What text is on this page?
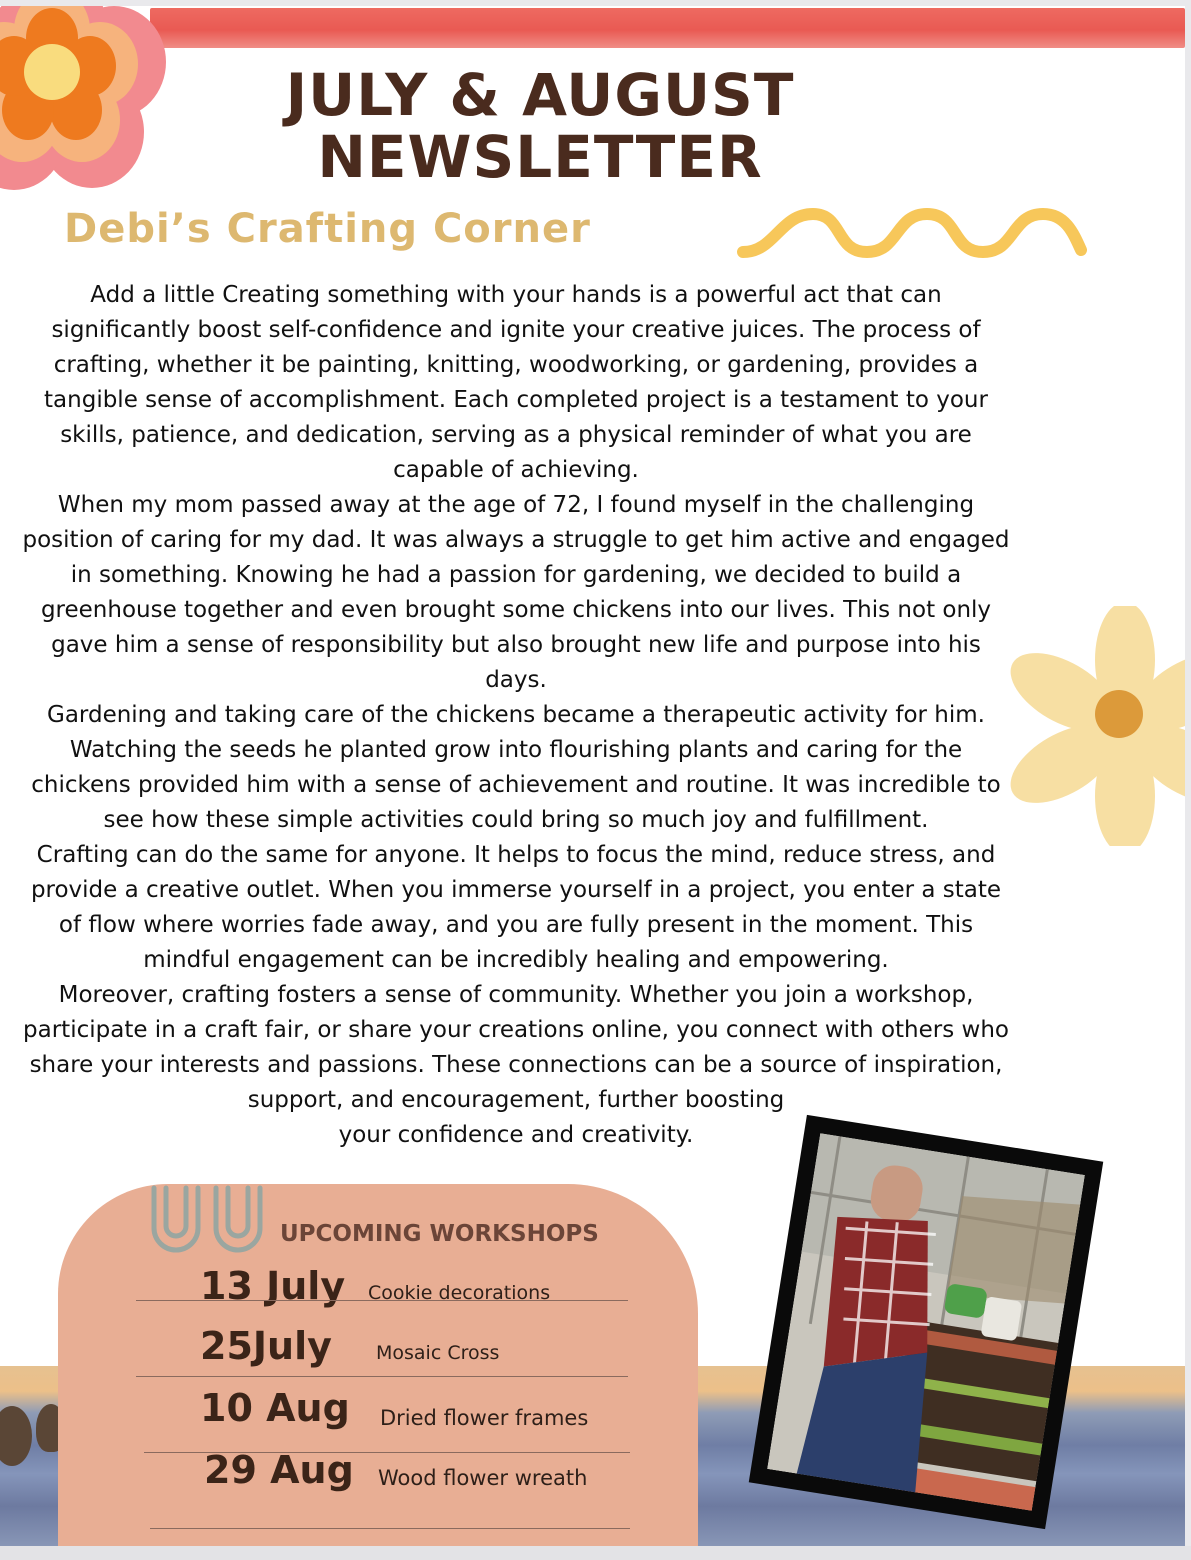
JULY & AUGUST
NEWSLETTER
Debi’s Crafting Corner

Add a little Creating something with your hands is a powerful act that can significantly boost self-confidence and ignite your creative juices. The process of crafting, whether it be painting, knitting, woodworking, or gardening, provides a tangible sense of accomplishment. Each completed project is a testament to your skills, patience, and dedication, serving as a physical reminder of what you are capable of achieving.

When my mom passed away at the age of 72, I found myself in the challenging position of caring for my dad. It was always a struggle to get him active and engaged in something. Knowing he had a passion for gardening, we decided to build a greenhouse together and even brought some chickens into our lives. This not only gave him a sense of responsibility but also brought new life and purpose into his days.

Gardening and taking care of the chickens became a therapeutic activity for him. Watching the seeds he planted grow into flourishing plants and caring for the chickens provided him with a sense of achievement and routine. It was incredible to see how these simple activities could bring so much joy and fulfillment.

Crafting can do the same for anyone. It helps to focus the mind, reduce stress, and provide a creative outlet. When you immerse yourself in a project, you enter a state of flow where worries fade away, and you are fully present in the moment. This mindful engagement can be incredibly healing and empowering.

Moreover, crafting fosters a sense of community. Whether you join a workshop, participate in a craft fair, or share your creations online, you connect with others who share your interests and passions. These connections can be a source of inspiration, support, and encouragement, further boosting

your confidence and creativity.

UPCOMING WORKSHOPS
13 July Cookie decorations
25July Mosaic Cross
10 Aug Dried flower frames
29 Aug Wood flower wreath
